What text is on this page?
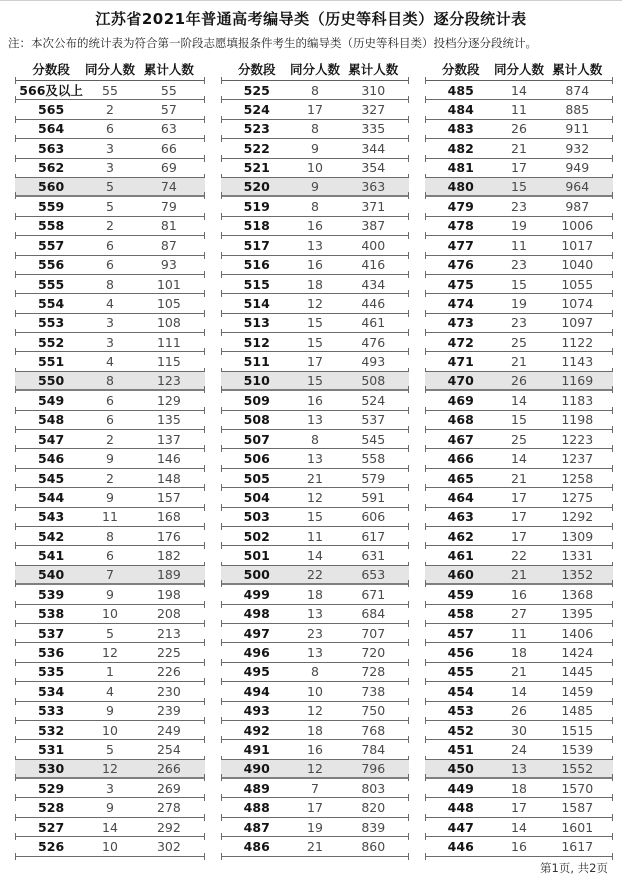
江苏省2021年普通高考编导类（历史等科目类）逐分段统计表
注：本次公布的统计表为符合第一阶段志愿填报条件考生的编导类（历史等科目类）投档分逐分段统计。
分数段	同分人数 累计人数
566及以上	55	55
565	2	57
564	6	63
563	3	66
562	3	69
560	5	74
559	5	79
558	2	81
557	6	87
556	6	93
555	8	101
554	4	105
553	3	108
552	3	111
551	4	115
550	8	123
549	6	129
548	6	135
547	2	137
546	9	146
545	2	148
544	9	157
543	11	168
542	8	176
541	6	182
540	7	189
539	9	198
538	10	208
537	5	213
536	12	225
535	1	226
534	4	230
533	9	239
532	10	249
531	5	254
530	12	266
529	3	269
528	9	278
527	14	292
526	10	302
分数段	同分人数 累计人数
525	8	310
524	17	327
523	8	335
522	9	344
521	10	354
520	9	363
519	8	371
518	16	387
517	13	400
516	16	416
515	18	434
514	12	446
513	15	461
512	15	476
511	17	493
510	15	508
509	16	524
508	13	537
507	8	545
506	13	558
505	21	579
504	12	591
503	15	606
502	11	617
501	14	631
500	22	653
499	18	671
498	13	684
497	23	707
496	13	720
495	8	728
494	10	738
493	12	750
492	18	768
491	16	784
490	12	796
489	7	803
488	17	820
487	19	839
486	21	860
分数段	同分人数 累计人数
485	14	874
484	11	885
483	26	911
482	21	932
481	17	949
480	15	964
479	23	987
478	19	1006
477	11	1017
476	23	1040
475	15	1055
474	19	1074
473	23	1097
472	25	1122
471	21	1143
470	26	1169
469	14	1183
468	15	1198
467	25	1223
466	14	1237
465	21	1258
464	17	1275
463	17	1292
462	17	1309
461	22	1331
460	21	1352
459	16	1368
458	27	1395
457	11	1406
456	18	1424
455	21	1445
454	14	1459
453	26	1485
452	30	1515
451	24	1539
450	13	1552
449	18	1570
448	17	1587
447	14	1601
446	16	1617
第1页, 共2页
